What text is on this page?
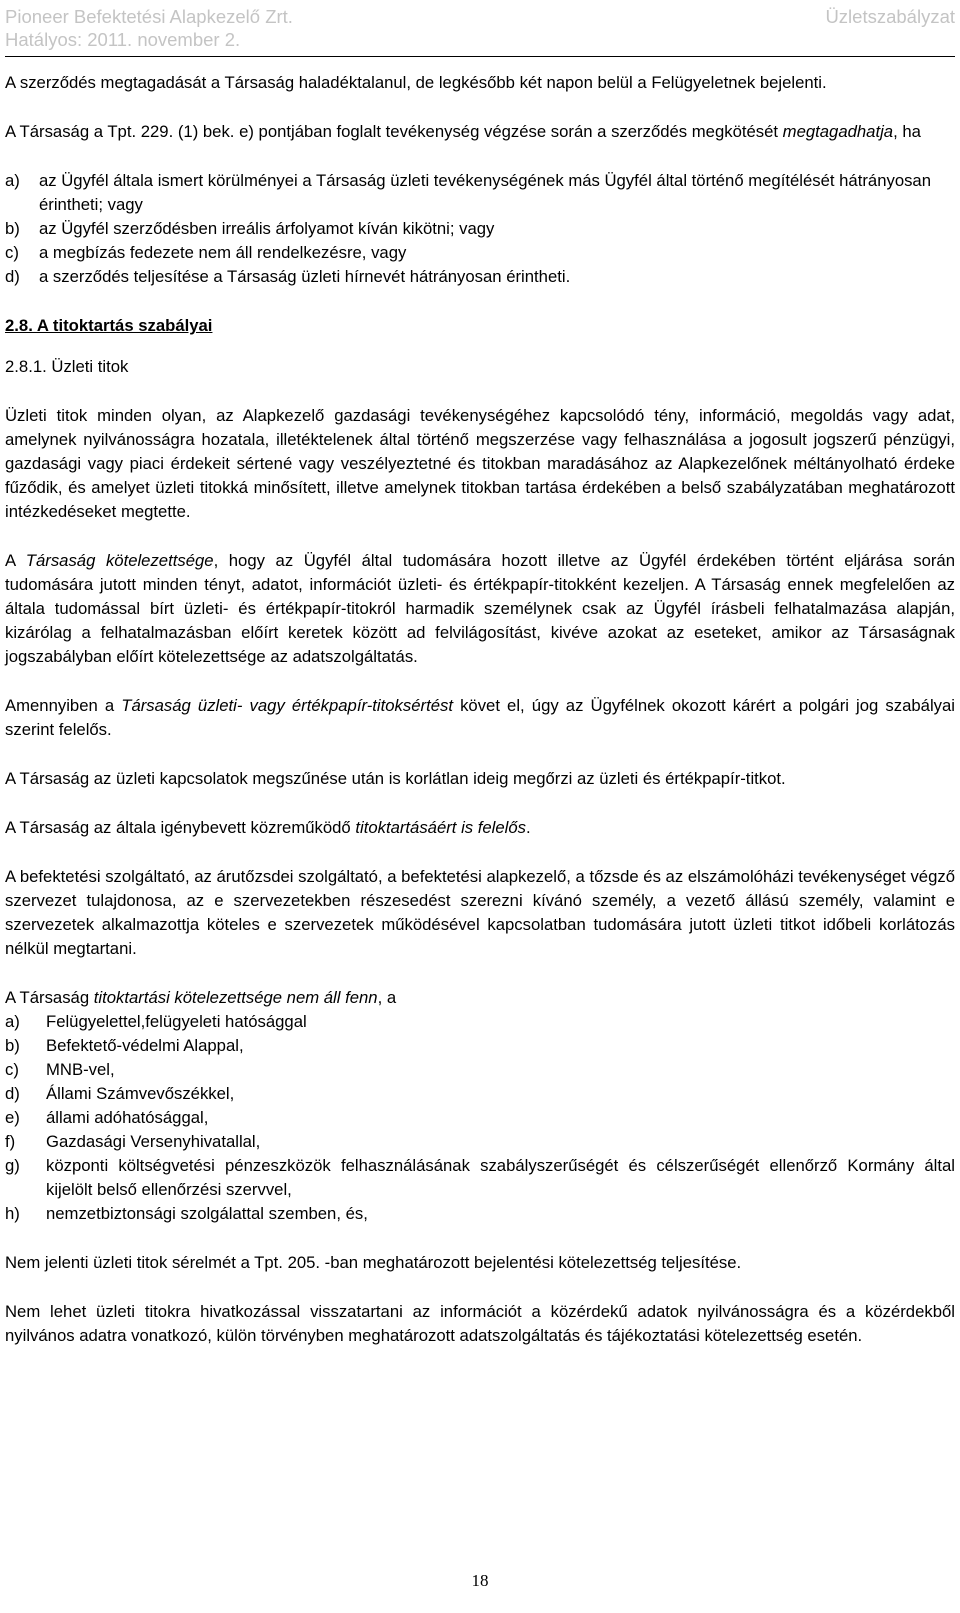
Pioneer Befektetési Alapkezelő Zrt.
Hatályos: 2011. november 2.
Üzletszabályzat

A szerződés megtagadását a Társaság haladéktalanul, de legkésőbb két napon belül a Felügyeletnek bejelenti.

A Társaság a Tpt. 229. (1) bek. e) pontjában foglalt tevékenység végzése során a szerződés megkötését megtagadhatja, ha

a)	az Ügyfél általa ismert körülményei a Társaság üzleti tevékenységének más Ügyfél által történő megítélését hátrányosan érintheti; vagy
b)	az Ügyfél szerződésben irreális árfolyamot kíván kikötni; vagy
c)	a megbízás fedezete nem áll rendelkezésre, vagy
d)	a szerződés teljesítése a Társaság üzleti hírnevét hátrányosan érintheti.
2.8. A titoktartás szabályai
2.8.1. Üzleti titok

Üzleti titok minden olyan, az Alapkezelő gazdasági tevékenységéhez kapcsolódó tény, információ, megoldás vagy adat, amelynek nyilvánosságra hozatala, illetéktelenek által történő megszerzése vagy felhasználása a jogosult jogszerű pénzügyi, gazdasági vagy piaci érdekeit sértené vagy veszélyeztetné és titokban maradásához az Alapkezelőnek méltányolható érdeke fűződik, és amelyet üzleti titokká minősített, illetve amelynek titokban tartása érdekében a belső szabályzatában meghatározott intézkedéseket megtette.

A Társaság kötelezettsége, hogy az Ügyfél által tudomására hozott illetve az Ügyfél érdekében történt eljárása során tudomására jutott minden tényt, adatot, információt üzleti- és értékpapír-titokként kezeljen. A Társaság ennek megfelelően az általa tudomással bírt üzleti- és értékpapír-titokról harmadik személynek csak az Ügyfél írásbeli felhatalmazása alapján, kizárólag a felhatalmazásban előírt keretek között ad felvilágosítást, kivéve azokat az eseteket, amikor az Társaságnak jogszabályban előírt kötelezettsége az adatszolgáltatás.

Amennyiben a Társaság üzleti- vagy értékpapír-titoksértést követ el, úgy az Ügyfélnek okozott kárért a polgári jog szabályai szerint felelős.

A Társaság az üzleti kapcsolatok megszűnése után is korlátlan ideig megőrzi az üzleti és értékpapír-titkot.

A Társaság az általa igénybevett közreműködő titoktartásáért is felelős.

A befektetési szolgáltató, az árutőzsdei szolgáltató, a befektetési alapkezelő, a tőzsde és az elszámolóházi tevékenységet végző szervezet tulajdonosa, az e szervezetekben részesedést szerezni kívánó személy, a vezető állású személy, valamint e szervezetek alkalmazottja köteles e szervezetek működésével kapcsolatban tudomására jutott üzleti titkot időbeli korlátozás nélkül megtartani.

A Társaság titoktartási kötelezettsége nem áll fenn, a

a)	Felügyelettel,felügyeleti hatósággal
b)	Befektető-védelmi Alappal,
c)	MNB-vel,
d)	Állami Számvevőszékkel,
e)	állami adóhatósággal,
f)	Gazdasági Versenyhivatallal,
g)	központi költségvetési pénzeszközök felhasználásának szabályszerűségét és célszerűségét ellenőrző Kormány által kijelölt belső ellenőrzési szervvel,
h)	nemzetbiztonsági szolgálattal szemben, és,

Nem jelenti üzleti titok sérelmét a Tpt. 205. -ban meghatározott bejelentési kötelezettség teljesítése.

Nem lehet üzleti titokra hivatkozással visszatartani az információt a közérdekű adatok nyilvánosságra és a közérdekből nyilvános adatra vonatkozó, külön törvényben meghatározott adatszolgáltatás és tájékoztatási kötelezettség esetén.

18
